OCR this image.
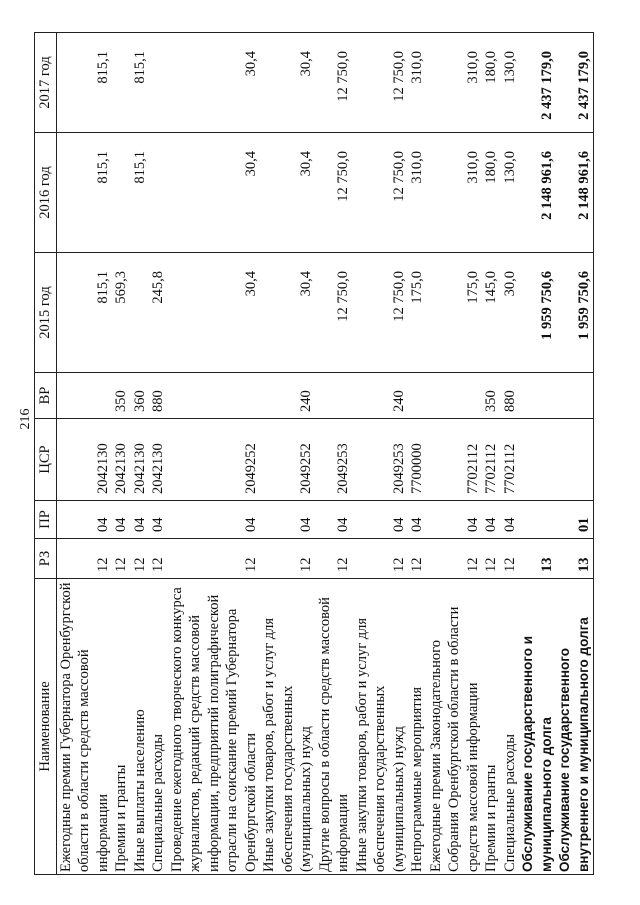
216
Наименование	РЗ	ПР	ЦСР	ВР	2015 год	2016 год	2017 год
Ежегодные премии Губернатора Оренбургской области в области средств массовой информации	12	04	2042130		815,1	815,1	815,1
Премии и гранты	12	04	2042130	350	569,3		
Иные выплаты населению	12	04	2042130	360		815,1	815,1
Специальные расходы	12	04	2042130	880	245,8		
Проведение ежегодного творческого конкурса журналистов, редакций средств массовой информации, предприятий полиграфической отрасли на соискание премий Губернатора Оренбургской области	12	04	2049252		30,4	30,4	30,4
Иные закупки товаров, работ и услуг для обеспечения государственных (муниципальных) нужд	12	04	2049252	240	30,4	30,4	30,4
Другие вопросы в области средств массовой информации	12	04	2049253		12 750,0	12 750,0	12 750,0
Иные закупки товаров, работ и услуг для обеспечения государственных (муниципальных) нужд	12	04	2049253	240	12 750,0	12 750,0	12 750,0
Непрограммные мероприятия	12	04	7700000		175,0	310,0	310,0
Ежегодные премии Законодательного Собрания Оренбургской области в области средств массовой информации	12	04	7702112		175,0	310,0	310,0
Премии и гранты	12	04	7702112	350	145,0	180,0	180,0
Специальные расходы	12	04	7702112	880	30,0	130,0	130,0
Обслуживание государственного и муниципального долга	13				1 959 750,6	2 148 961,6	2 437 179,0
Обслуживание государственного внутреннего и муниципального долга	13	01			1 959 750,6	2 148 961,6	2 437 179,0
